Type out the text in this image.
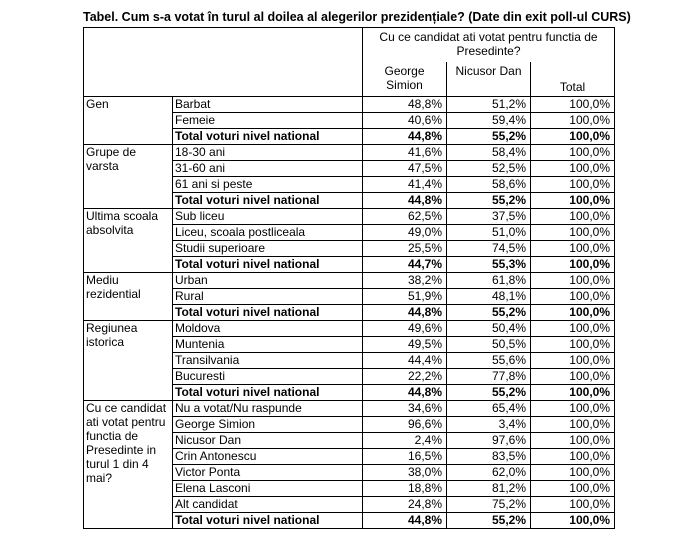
Tabel. Cum s-a votat în turul al doilea al alegerilor prezidențiale? (Date din exit poll-ul CURS)
		Cu ce candidat ati votat pentru functia de Presedinte?		
		George Simion	Nicusor Dan	Total
Gen	Barbat	48,8%	51,2%	100,0%
	Femeie	40,6%	59,4%	100,0%
	Total voturi nivel national	44,8%	55,2%	100,0%
Grupe de varsta	18-30 ani	41,6%	58,4%	100,0%
	31-60 ani	47,5%	52,5%	100,0%
	61 ani si peste	41,4%	58,6%	100,0%
	Total voturi nivel national	44,8%	55,2%	100,0%
Ultima scoala absolvita	Sub liceu	62,5%	37,5%	100,0%
	Liceu, scoala postliceala	49,0%	51,0%	100,0%
	Studii superioare	25,5%	74,5%	100,0%
	Total voturi nivel national	44,7%	55,3%	100,0%
Mediu rezidential	Urban	38,2%	61,8%	100,0%
	Rural	51,9%	48,1%	100,0%
	Total voturi nivel national	44,8%	55,2%	100,0%
Regiunea istorica	Moldova	49,6%	50,4%	100,0%
	Muntenia	49,5%	50,5%	100,0%
	Transilvania	44,4%	55,6%	100,0%
	Bucuresti	22,2%	77,8%	100,0%
	Total voturi nivel national	44,8%	55,2%	100,0%
Cu ce candidat ati votat pentru functia de Presedinte in turul 1 din 4 mai?	Nu a votat/Nu raspunde	34,6%	65,4%	100,0%
	George Simion	96,6%	3,4%	100,0%
	Nicusor Dan	2,4%	97,6%	100,0%
	Crin Antonescu	16,5%	83,5%	100,0%
	Victor Ponta	38,0%	62,0%	100,0%
	Elena Lasconi	18,8%	81,2%	100,0%
	Alt candidat	24,8%	75,2%	100,0%
	Total voturi nivel national	44,8%	55,2%	100,0%
